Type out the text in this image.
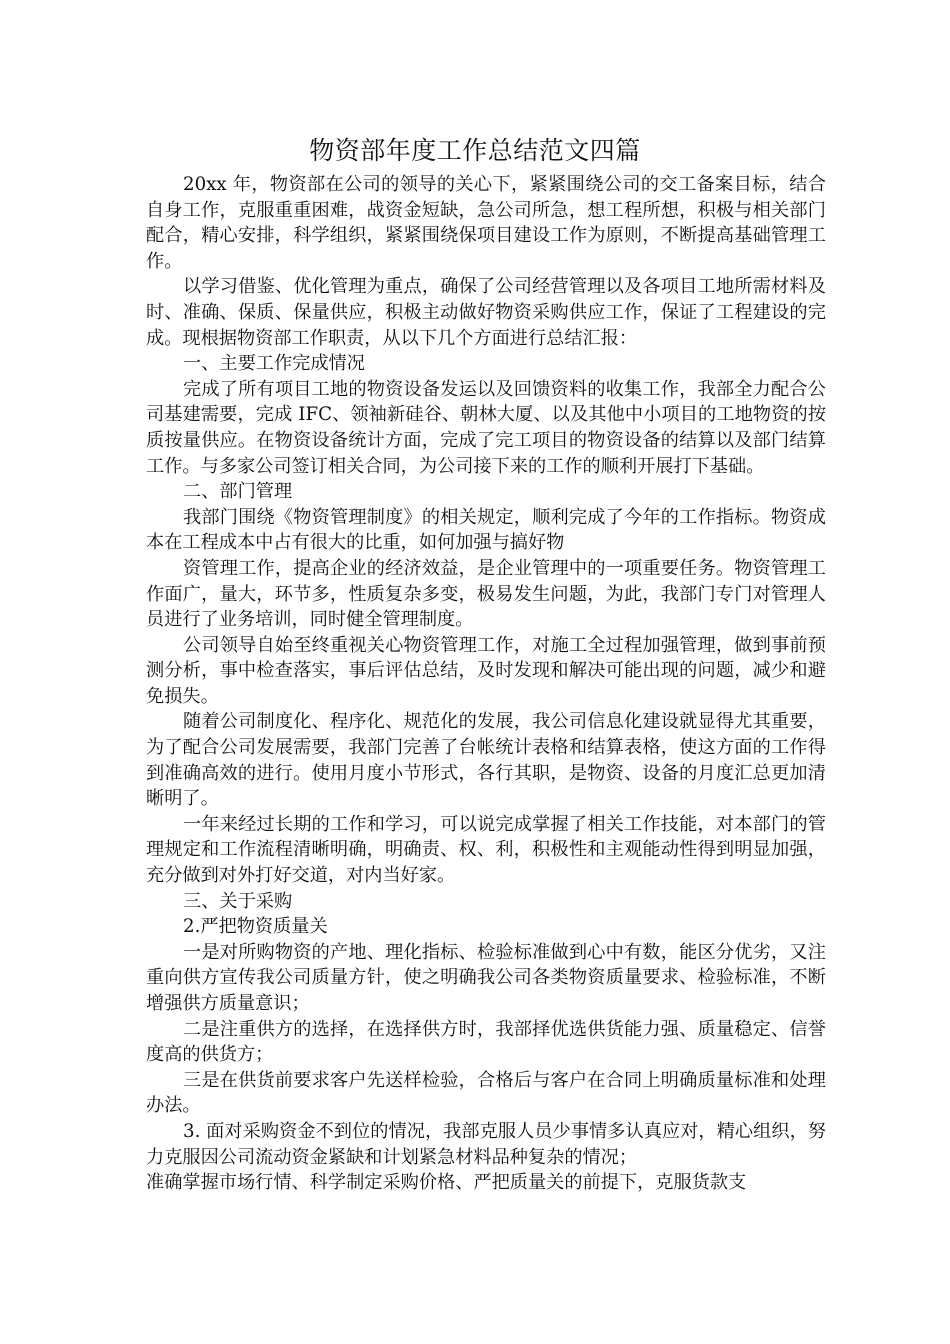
物资部年度工作总结范文四篇

20xx 年，物资部在公司的领导的关心下，紧紧围绕公司的交工备案目标，结合自身工作，克服重重困难，战资金短缺，急公司所急，想工程所想，积极与相关部门配合，精心安排，科学组织，紧紧围绕保项目建设工作为原则，不断提高基础管理工作。

以学习借鉴、优化管理为重点，确保了公司经营管理以及各项目工地所需材料及时、准确、保质、保量供应，积极主动做好物资采购供应工作，保证了工程建设的完成。现根据物资部工作职责，从以下几个方面进行总结汇报：

一、主要工作完成情况

完成了所有项目工地的物资设备发运以及回馈资料的收集工作，我部全力配合公司基建需要，完成 IFC、领袖新硅谷、朝林大厦、以及其他中小项目的工地物资的按质按量供应。在物资设备统计方面，完成了完工项目的物资设备的结算以及部门结算工作。与多家公司签订相关合同，为公司接下来的工作的顺利开展打下基础。

二、部门管理

我部门围绕《物资管理制度》的相关规定，顺利完成了今年的工作指标。物资成本在工程成本中占有很大的比重，如何加强与搞好物

资管理工作，提高企业的经济效益，是企业管理中的一项重要任务。物资管理工作面广，量大，环节多，性质复杂多变，极易发生问题，为此，我部门专门对管理人员进行了业务培训，同时健全管理制度。

公司领导自始至终重视关心物资管理工作，对施工全过程加强管理，做到事前预测分析，事中检查落实，事后评估总结，及时发现和解决可能出现的问题，减少和避免损失。

随着公司制度化、程序化、规范化的发展，我公司信息化建设就显得尤其重要，为了配合公司发展需要，我部门完善了台帐统计表格和结算表格，使这方面的工作得到准确高效的进行。使用月度小节形式，各行其职，是物资、设备的月度汇总更加清晰明了。

一年来经过长期的工作和学习，可以说完成掌握了相关工作技能，对本部门的管理规定和工作流程清晰明确，明确责、权、利，积极性和主观能动性得到明显加强，充分做到对外打好交道，对内当好家。

三、关于采购

2.严把物资质量关

一是对所购物资的产地、理化指标、检验标准做到心中有数，能区分优劣，又注重向供方宣传我公司质量方针，使之明确我公司各类物资质量要求、检验标准，不断增强供方质量意识；

二是注重供方的选择，在选择供方时，我部择优选供货能力强、质量稳定、信誉度高的供货方；

三是在供货前要求客户先送样检验，合格后与客户在合同上明确质量标准和处理办法。

3. 面对采购资金不到位的情况，我部克服人员少事情多认真应对，精心组织，努力克服因公司流动资金紧缺和计划紧急材料品种复杂的情况；

准确掌握市场行情、科学制定采购价格、严把质量关的前提下，克服货款支
